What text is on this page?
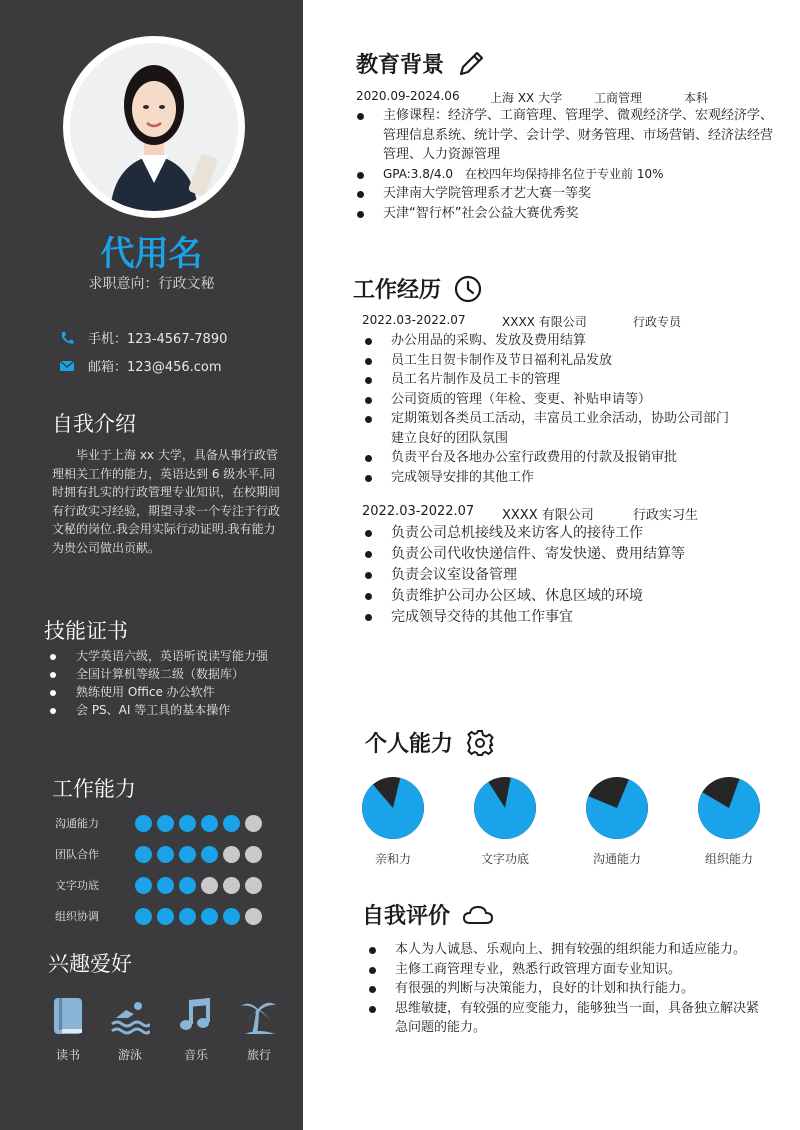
代用名
求职意向：行政文秘
手机：123-4567-7890
邮箱：123@456.com
自我介绍
毕业于上海 xx 大学，具备从事行政管理相关工作的能力，英语达到 6 级水平.同时拥有扎实的行政管理专业知识，在校期间有行政实习经验，期望寻求一个专注于行政文秘的岗位.我会用实际行动证明.我有能力为贵公司做出贡献。
技能证书
大学英语六级，英语听说读写能力强
全国计算机等级二级（数据库）
熟练使用 Office 办公软件
会 PS、AI 等工具的基本操作
工作能力
沟通能力
团队合作
文字功底
组织协调
兴趣爱好
读书	游泳	音乐	旅行
教育背景
2020.09-2024.06	上海 XX 大学	工商管理	本科
主修课程：经济学、工商管理、管理学、微观经济学、宏观经济学、管理信息系统、统计学、会计学、财务管理、市场营销、经济法经营管理、人力资源管理
GPA:3.8/4.0　在校四年均保持排名位于专业前 10%
天津南大学院管理系才艺大赛一等奖
天津“智行杯”社会公益大赛优秀奖
工作经历
2022.03-2022.07	XXXX 有限公司	行政专员
办公用品的采购、发放及费用结算
员工生日贺卡制作及节日福利礼品发放
员工名片制作及员工卡的管理
公司资质的管理（年检、变更、补贴申请等）
定期策划各类员工活动，丰富员工业余活动，协助公司部门建立良好的团队氛围
负责平台及各地办公室行政费用的付款及报销审批
完成领导安排的其他工作
2022.03-2022.07	XXXX 有限公司	行政实习生
负责公司总机接线及来访客人的接待工作
负责公司代收快递信件、寄发快递、费用结算等
负责会议室设备管理
负责维护公司办公区域、休息区域的环境
完成领导交待的其他工作事宜
个人能力
亲和力	文字功底	沟通能力	组织能力
自我评价
本人为人诚恳、乐观向上、拥有较强的组织能力和适应能力。
主修工商管理专业，熟悉行政管理方面专业知识。
有很强的判断与决策能力，良好的计划和执行能力。
思维敏捷，有较强的应变能力，能够独当一面，具备独立解决紧急问题的能力。
